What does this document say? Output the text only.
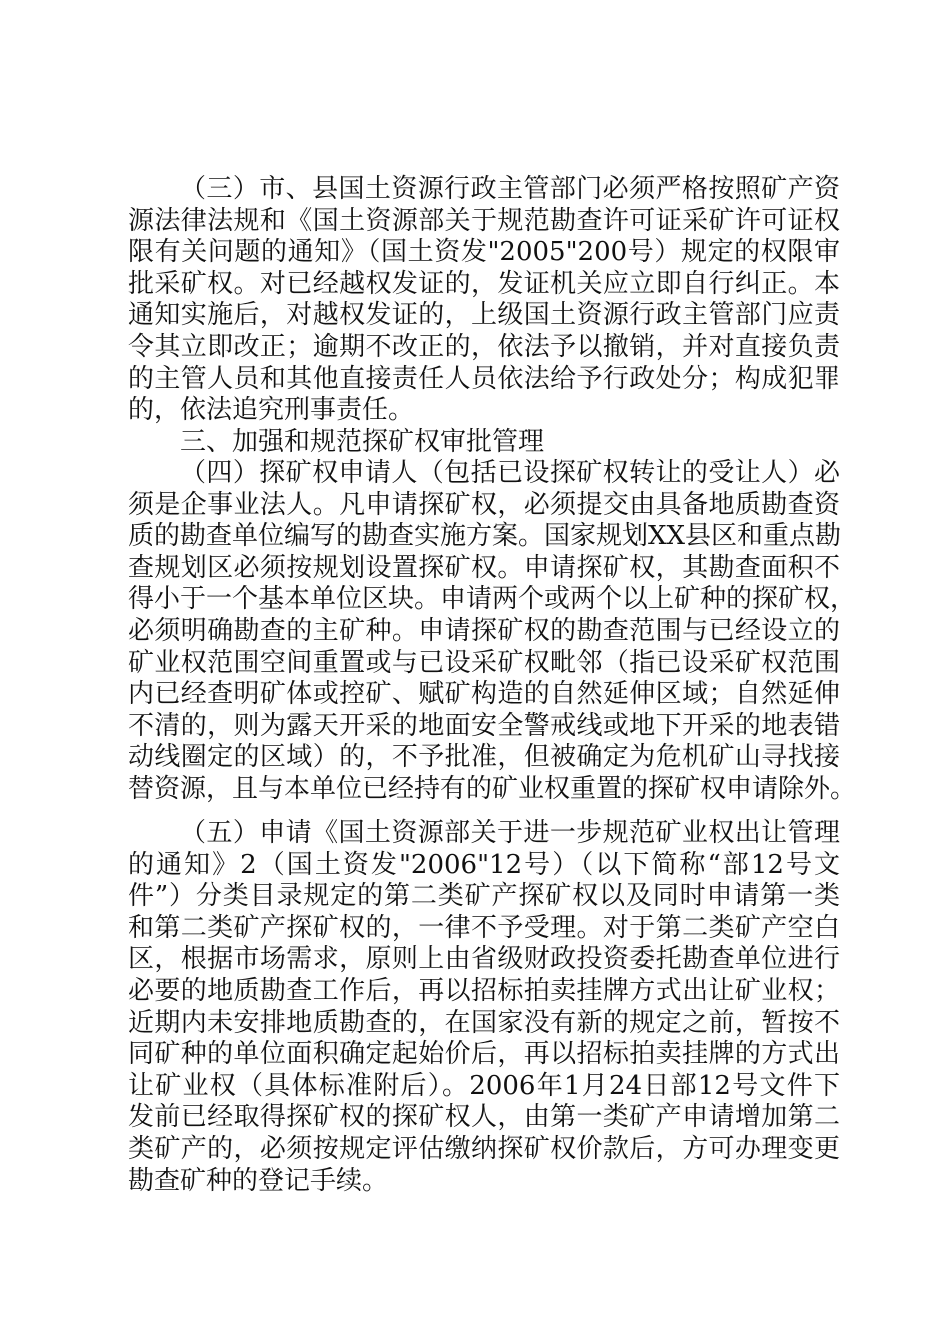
（三）市、县国土资源行政主管部门必须严格按照矿产资
源法律法规和《国土资源部关于规范勘查许可证采矿许可证权
限有关问题的通知》（国土资发"2005"200号）规定的权限审
批采矿权。对已经越权发证的，发证机关应立即自行纠正。本
通知实施后，对越权发证的，上级国土资源行政主管部门应责
令其立即改正；逾期不改正的，依法予以撤销，并对直接负责
的主管人员和其他直接责任人员依法给予行政处分；构成犯罪
的，依法追究刑事责任。
三、加强和规范探矿权审批管理
（四）探矿权申请人（包括已设探矿权转让的受让人）必
须是企事业法人。凡申请探矿权，必须提交由具备地质勘查资
质的勘查单位编写的勘查实施方案。国家规划XX县区和重点勘
查规划区必须按规划设置探矿权。申请探矿权，其勘查面积不
得小于一个基本单位区块。申请两个或两个以上矿种的探矿权，
必须明确勘查的主矿种。申请探矿权的勘查范围与已经设立的
矿业权范围空间重置或与已设采矿权毗邻（指已设采矿权范围
内已经查明矿体或控矿、赋矿构造的自然延伸区域；自然延伸
不清的，则为露天开采的地面安全警戒线或地下开采的地表错
动线圈定的区域）的，不予批准，但被确定为危机矿山寻找接
替资源，且与本单位已经持有的矿业权重置的探矿权申请除外。
（五）申请《国土资源部关于进一步规范矿业权出让管理
的通知》2（国土资发"2006"12号）（以下简称“部12号文
件”）分类目录规定的第二类矿产探矿权以及同时申请第一类
和第二类矿产探矿权的，一律不予受理。对于第二类矿产空白
区，根据市场需求，原则上由省级财政投资委托勘查单位进行
必要的地质勘查工作后，再以招标拍卖挂牌方式出让矿业权；
近期内未安排地质勘查的，在国家没有新的规定之前，暂按不
同矿种的单位面积确定起始价后，再以招标拍卖挂牌的方式出
让矿业权（具体标准附后）。2006年1月24日部12号文件下
发前已经取得探矿权的探矿权人，由第一类矿产申请增加第二
类矿产的，必须按规定评估缴纳探矿权价款后，方可办理变更
勘查矿种的登记手续。
